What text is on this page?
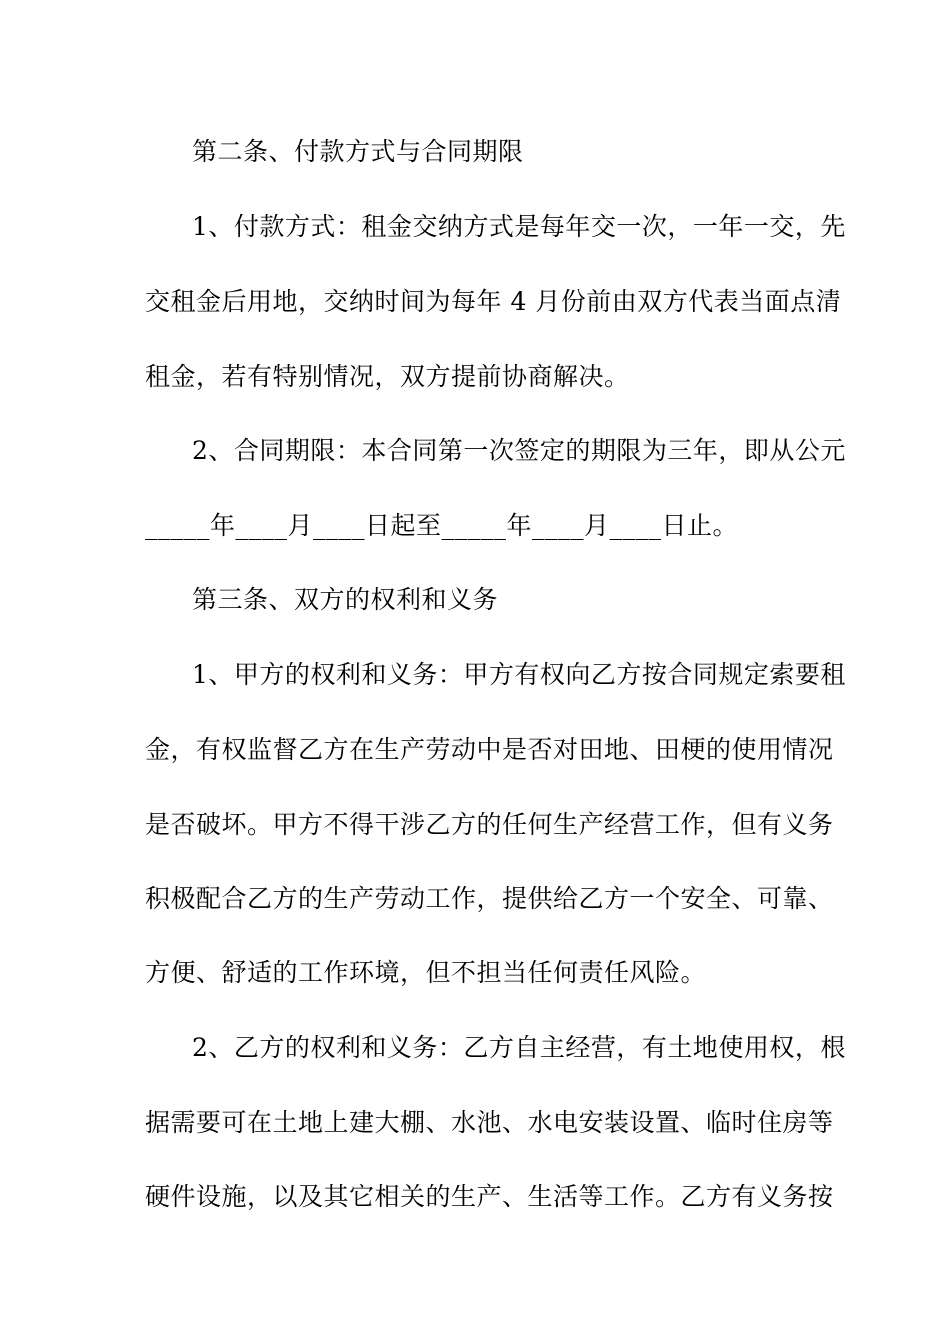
第二条、付款方式与合同期限
1、付款方式：租金交纳方式是每年交一次，一年一交，先
交租金后用地，交纳时间为每年 4 月份前由双方代表当面点清
租金，若有特别情况，双方提前协商解决。
2、合同期限：本合同第一次签定的期限为三年，即从公元
_____年____月____日起至_____年____月____日止。
第三条、双方的权利和义务
1、甲方的权利和义务：甲方有权向乙方按合同规定索要租
金，有权监督乙方在生产劳动中是否对田地、田梗的使用情况
是否破坏。甲方不得干涉乙方的任何生产经营工作，但有义务
积极配合乙方的生产劳动工作，提供给乙方一个安全、可靠、
方便、舒适的工作环境，但不担当任何责任风险。
2、乙方的权利和义务：乙方自主经营，有土地使用权，根
据需要可在土地上建大棚、水池、水电安装设置、临时住房等
硬件设施，以及其它相关的生产、生活等工作。乙方有义务按
